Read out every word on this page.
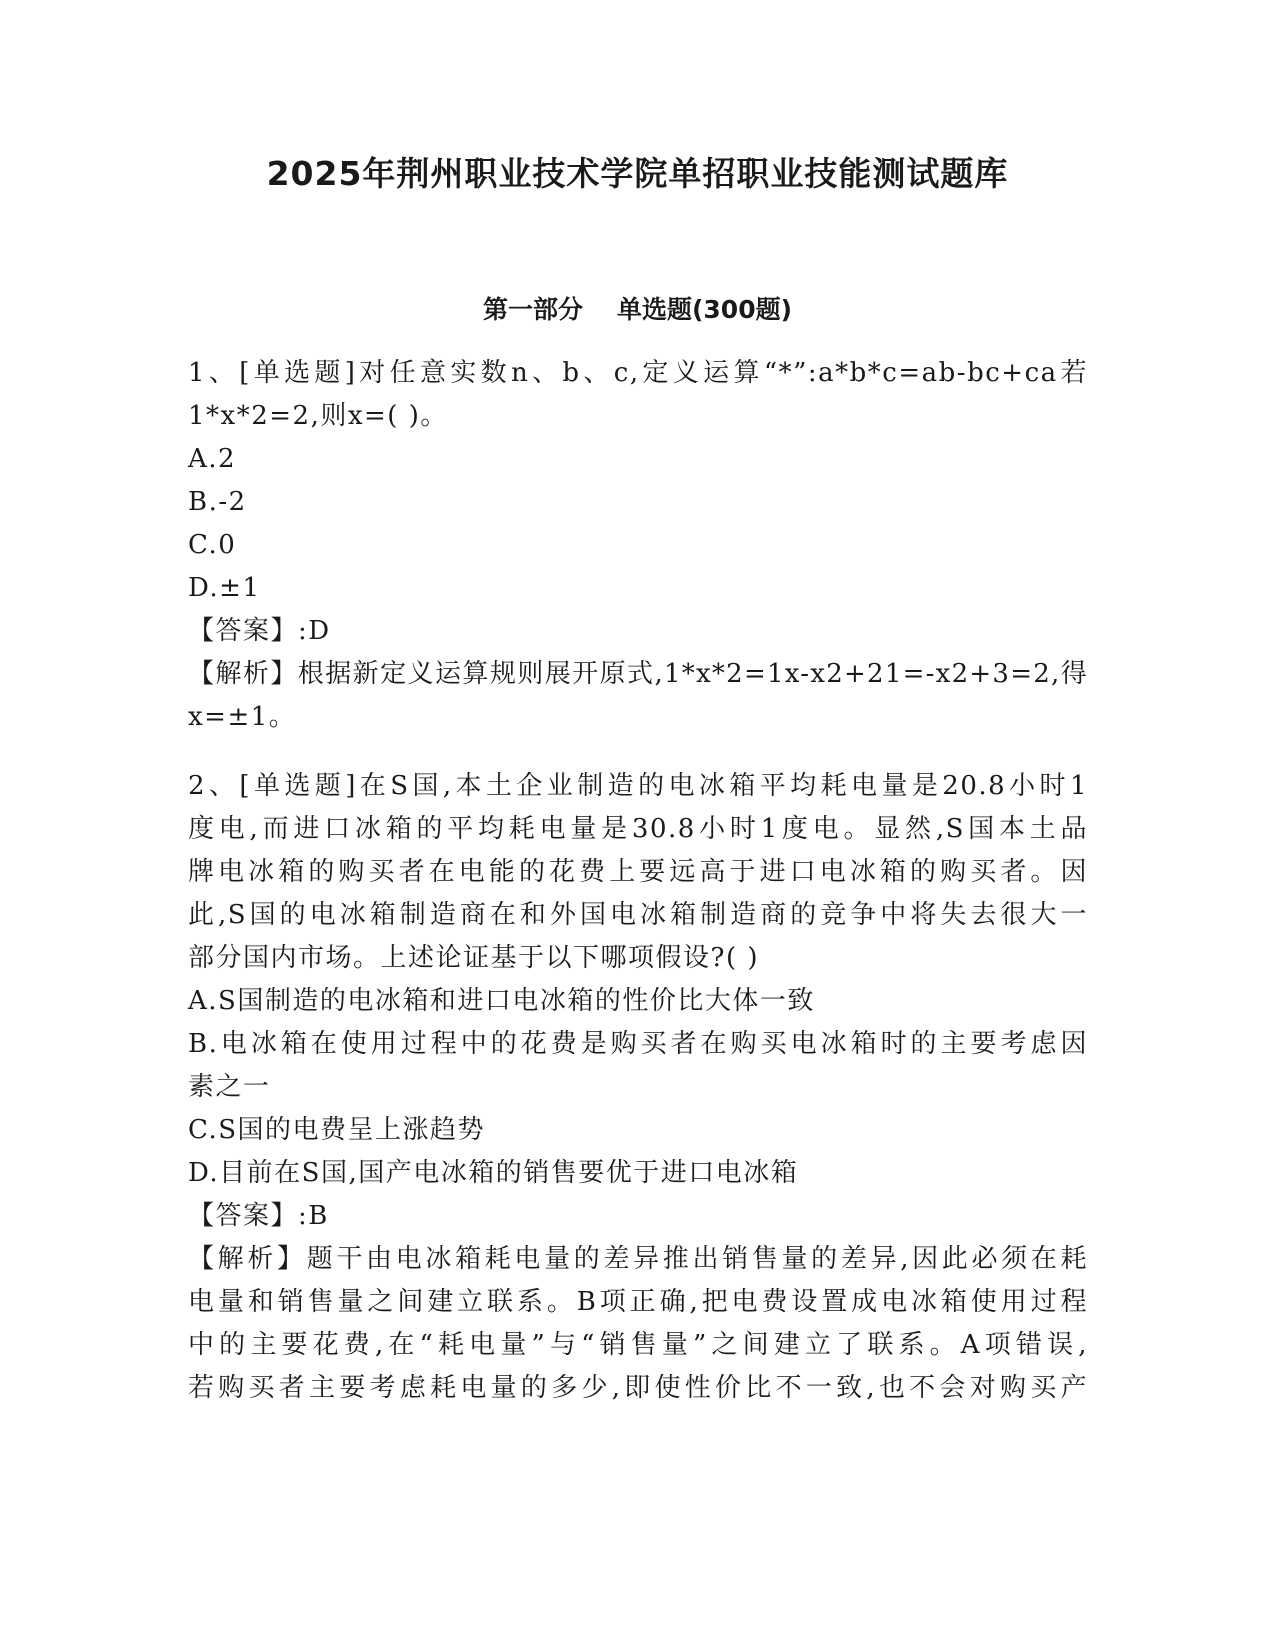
2025年荆州职业技术学院单招职业技能测试题库
第一部分 单选题(300题)
1、[单选题]对任意实数n、b、c,定义运算“*”:a*b*c=ab-bc+ca若
1*x*2=2,则x=( )。
A.2
B.-2
C.0
D.±1
【答案】:D
【解析】根据新定义运算规则展开原式,1*x*2=1x-x2+21=-x2+3=2,得
x=±1。
2、[单选题]在S国,本土企业制造的电冰箱平均耗电量是20.8小时1
度电,而进口冰箱的平均耗电量是30.8小时1度电。显然,S国本土品
牌电冰箱的购买者在电能的花费上要远高于进口电冰箱的购买者。因
此,S国的电冰箱制造商在和外国电冰箱制造商的竞争中将失去很大一
部分国内市场。上述论证基于以下哪项假设?( )
A.S国制造的电冰箱和进口电冰箱的性价比大体一致
B.电冰箱在使用过程中的花费是购买者在购买电冰箱时的主要考虑因
素之一
C.S国的电费呈上涨趋势
D.目前在S国,国产电冰箱的销售要优于进口电冰箱
【答案】:B
【解析】题干由电冰箱耗电量的差异推出销售量的差异,因此必须在耗
电量和销售量之间建立联系。B项正确,把电费设置成电冰箱使用过程
中的主要花费,在“耗电量”与“销售量”之间建立了联系。A项错误,
若购买者主要考虑耗电量的多少,即使性价比不一致,也不会对购买产
